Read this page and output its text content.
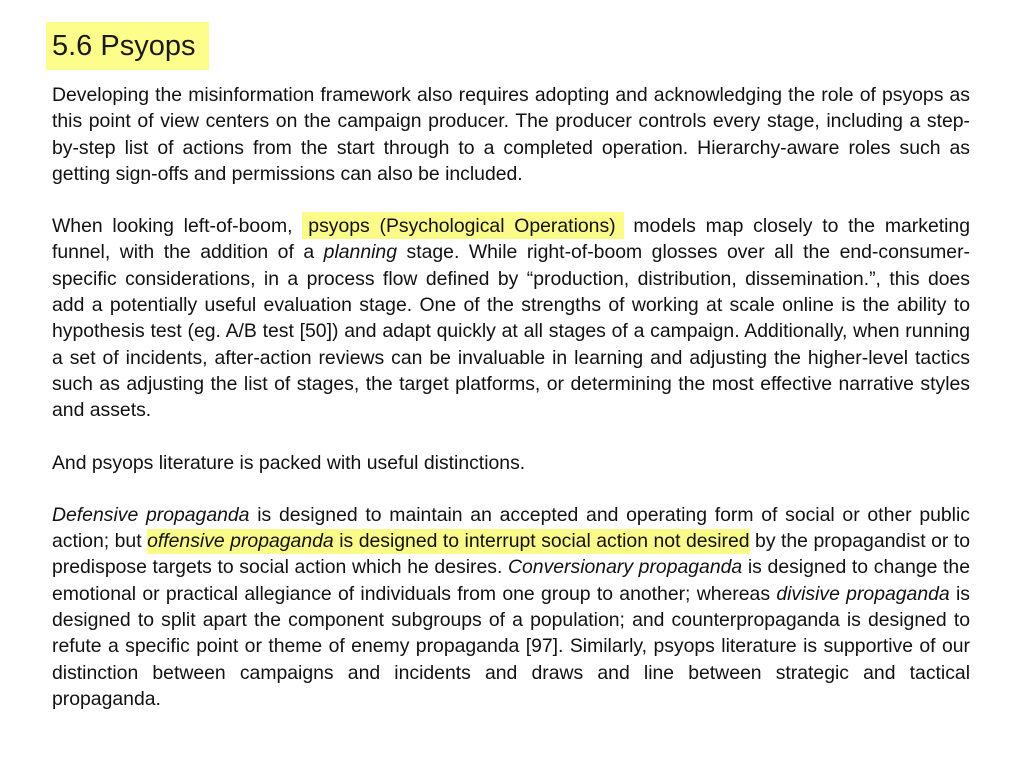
5.6 Psyops

Developing the misinformation framework also requires adopting and acknowledging the role of psyops as this point of view centers on the campaign producer. The producer controls every stage, including a step-by-step list of actions from the start through to a completed operation. Hierarchy-aware roles such as getting sign-offs and permissions can also be included.

When looking left-of-boom, psyops (Psychological Operations) models map closely to the marketing funnel, with the addition of a planning stage. While right-of-boom glosses over all the end-consumer-specific considerations, in a process flow defined by “production, distribution, dissemination.”, this does add a potentially useful evaluation stage. One of the strengths of working at scale online is the ability to hypothesis test (eg. A/B test [50]) and adapt quickly at all stages of a campaign. Additionally, when running a set of incidents, after-action reviews can be invaluable in learning and adjusting the higher-level tactics such as adjusting the list of stages, the target platforms, or determining the most effective narrative styles and assets.

And psyops literature is packed with useful distinctions.

Defensive propaganda is designed to maintain an accepted and operating form of social or other public action; but offensive propaganda is designed to interrupt social action not desired by the propagandist or to predispose targets to social action which he desires. Conversionary propaganda is designed to change the emotional or practical allegiance of individuals from one group to another; whereas divisive propaganda is designed to split apart the component subgroups of a population; and counterpropaganda is designed to refute a specific point or theme of enemy propaganda [97]. Similarly, psyops literature is supportive of our distinction between campaigns and incidents and draws and line between strategic and tactical propaganda.
